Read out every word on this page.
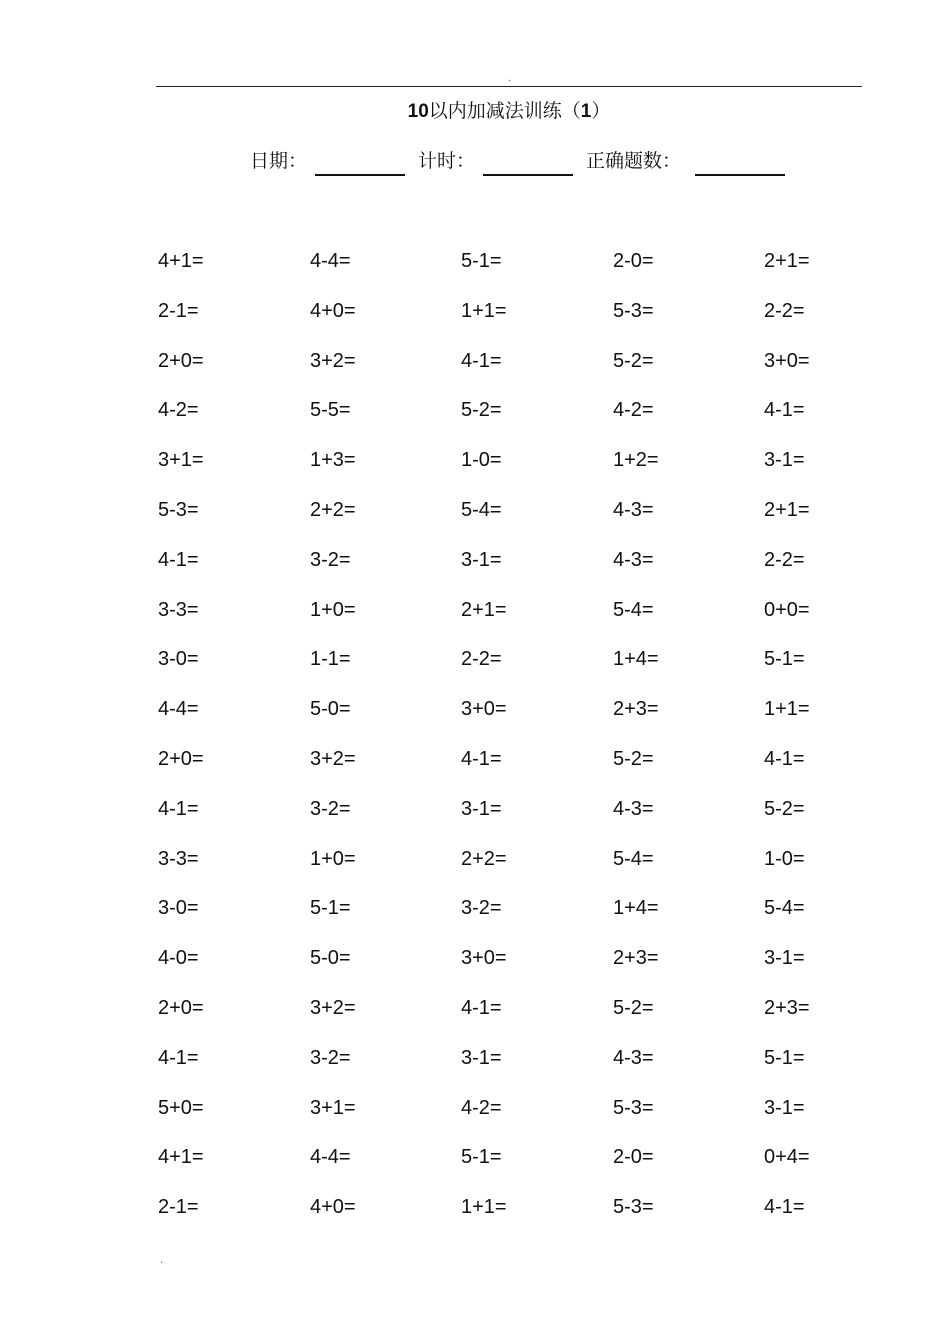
.
10以内加减法训练（1）
日期：	计时：	正确题数：
4+1=	4-4=	5-1=	2-0=	2+1=
2-1=	4+0=	1+1=	5-3=	2-2=
2+0=	3+2=	4-1=	5-2=	3+0=
4-2=	5-5=	5-2=	4-2=	4-1=
3+1=	1+3=	1-0=	1+2=	3-1=
5-3=	2+2=	5-4=	4-3=	2+1=
4-1=	3-2=	3-1=	4-3=	2-2=
3-3=	1+0=	2+1=	5-4=	0+0=
3-0=	1-1=	2-2=	1+4=	5-1=
4-4=	5-0=	3+0=	2+3=	1+1=
2+0=	3+2=	4-1=	5-2=	4-1=
4-1=	3-2=	3-1=	4-3=	5-2=
3-3=	1+0=	2+2=	5-4=	1-0=
3-0=	5-1=	3-2=	1+4=	5-4=
4-0=	5-0=	3+0=	2+3=	3-1=
2+0=	3+2=	4-1=	5-2=	2+3=
4-1=	3-2=	3-1=	4-3=	5-1=
5+0=	3+1=	4-2=	5-3=	3-1=
4+1=	4-4=	5-1=	2-0=	0+4=
2-1=	4+0=	1+1=	5-3=	4-1=
.
